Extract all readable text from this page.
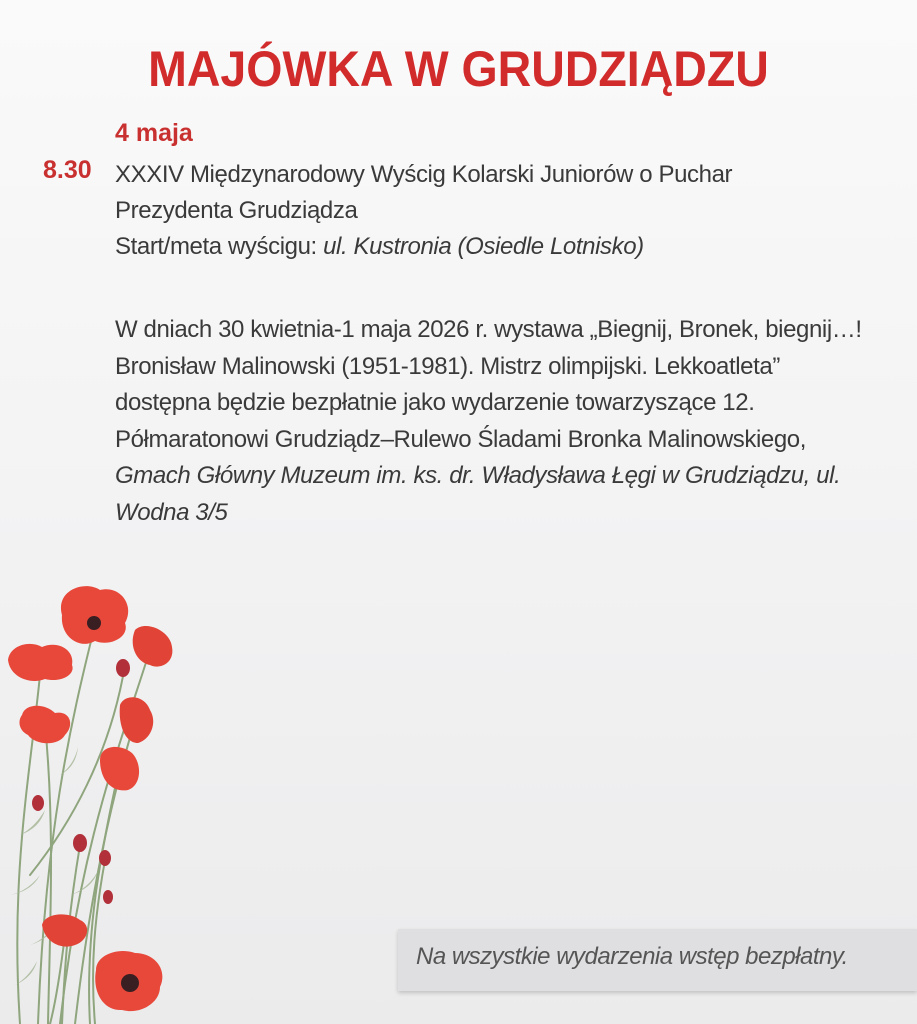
MAJÓWKA W GRUDZIĄDZU
4 maja
8.30 XXXIV Międzynarodowy Wyścig Kolarski Juniorów o Puchar
Prezydenta Grudziądza
Start/meta wyścigu: ul. Kustronia (Osiedle Lotnisko)
W dniach 30 kwietnia-1 maja 2026 r. wystawa „Biegnij, Bronek, biegnij…! Bronisław Malinowski (1951-1981). Mistrz olimpijski. Lekkoatleta” dostępna będzie bezpłatnie jako wydarzenie towarzyszące 12. Półmaratonowi Grudziądz–Rulewo Śladami Bronka Malinowskiego, Gmach Główny Muzeum im. ks. dr. Władysława Łęgi w Grudziądzu, ul. Wodna 3/5
Na wszystkie wydarzenia wstęp bezpłatny.
